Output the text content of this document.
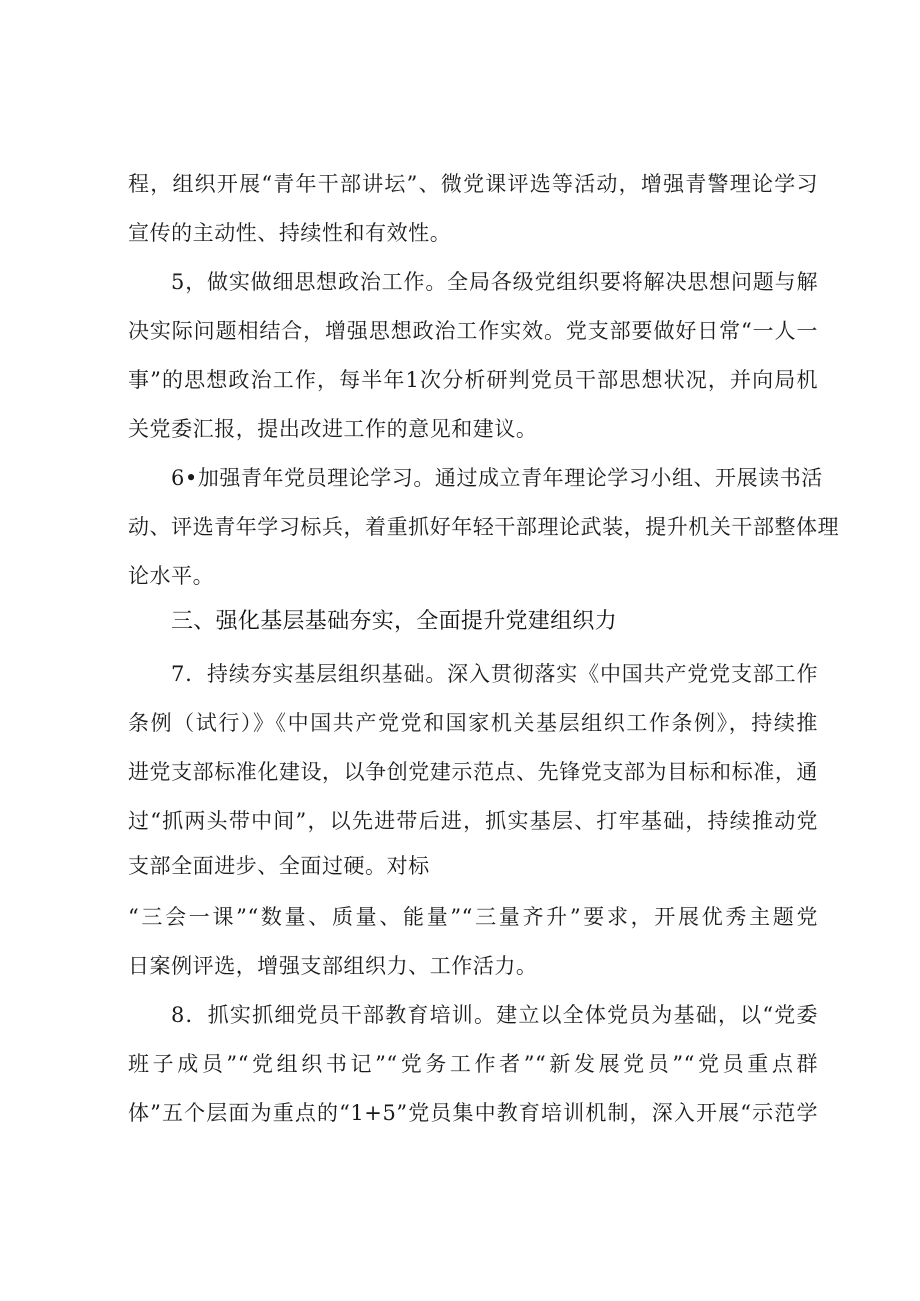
程，组织开展“青年干部讲坛”、微党课评选等活动，增强青警理论学习
宣传的主动性、持续性和有效性。
5，做实做细思想政治工作。全局各级党组织要将解决思想问题与解
决实际问题相结合，增强思想政治工作实效。党支部要做好日常“一人一
事”的思想政治工作，每半年1次分析研判党员干部思想状况，并向局机
关党委汇报，提出改进工作的意见和建议。
6•加强青年党员理论学习。通过成立青年理论学习小组、开展读书活
动、评选青年学习标兵，着重抓好年轻干部理论武装，提升机关干部整体理
论水平。
三、强化基层基础夯实，全面提升党建组织力
7．持续夯实基层组织基础。深入贯彻落实《中国共产党党支部工作
条例（试行）》《中国共产党党和国家机关基层组织工作条例》，持续推
进党支部标准化建设，以争创党建示范点、先锋党支部为目标和标准，通
过“抓两头带中间”，以先进带后进，抓实基层、打牢基础，持续推动党
支部全面进步、全面过硬。对标
“三会一课”“数量、质量、能量”“三量齐升”要求，开展优秀主题党
日案例评选，增强支部组织力、工作活力。
8．抓实抓细党员干部教育培训。建立以全体党员为基础，以“党委
班子成员”“党组织书记”“党务工作者”“新发展党员”“党员重点群
体”五个层面为重点的“1+5”党员集中教育培训机制，深入开展“示范学
